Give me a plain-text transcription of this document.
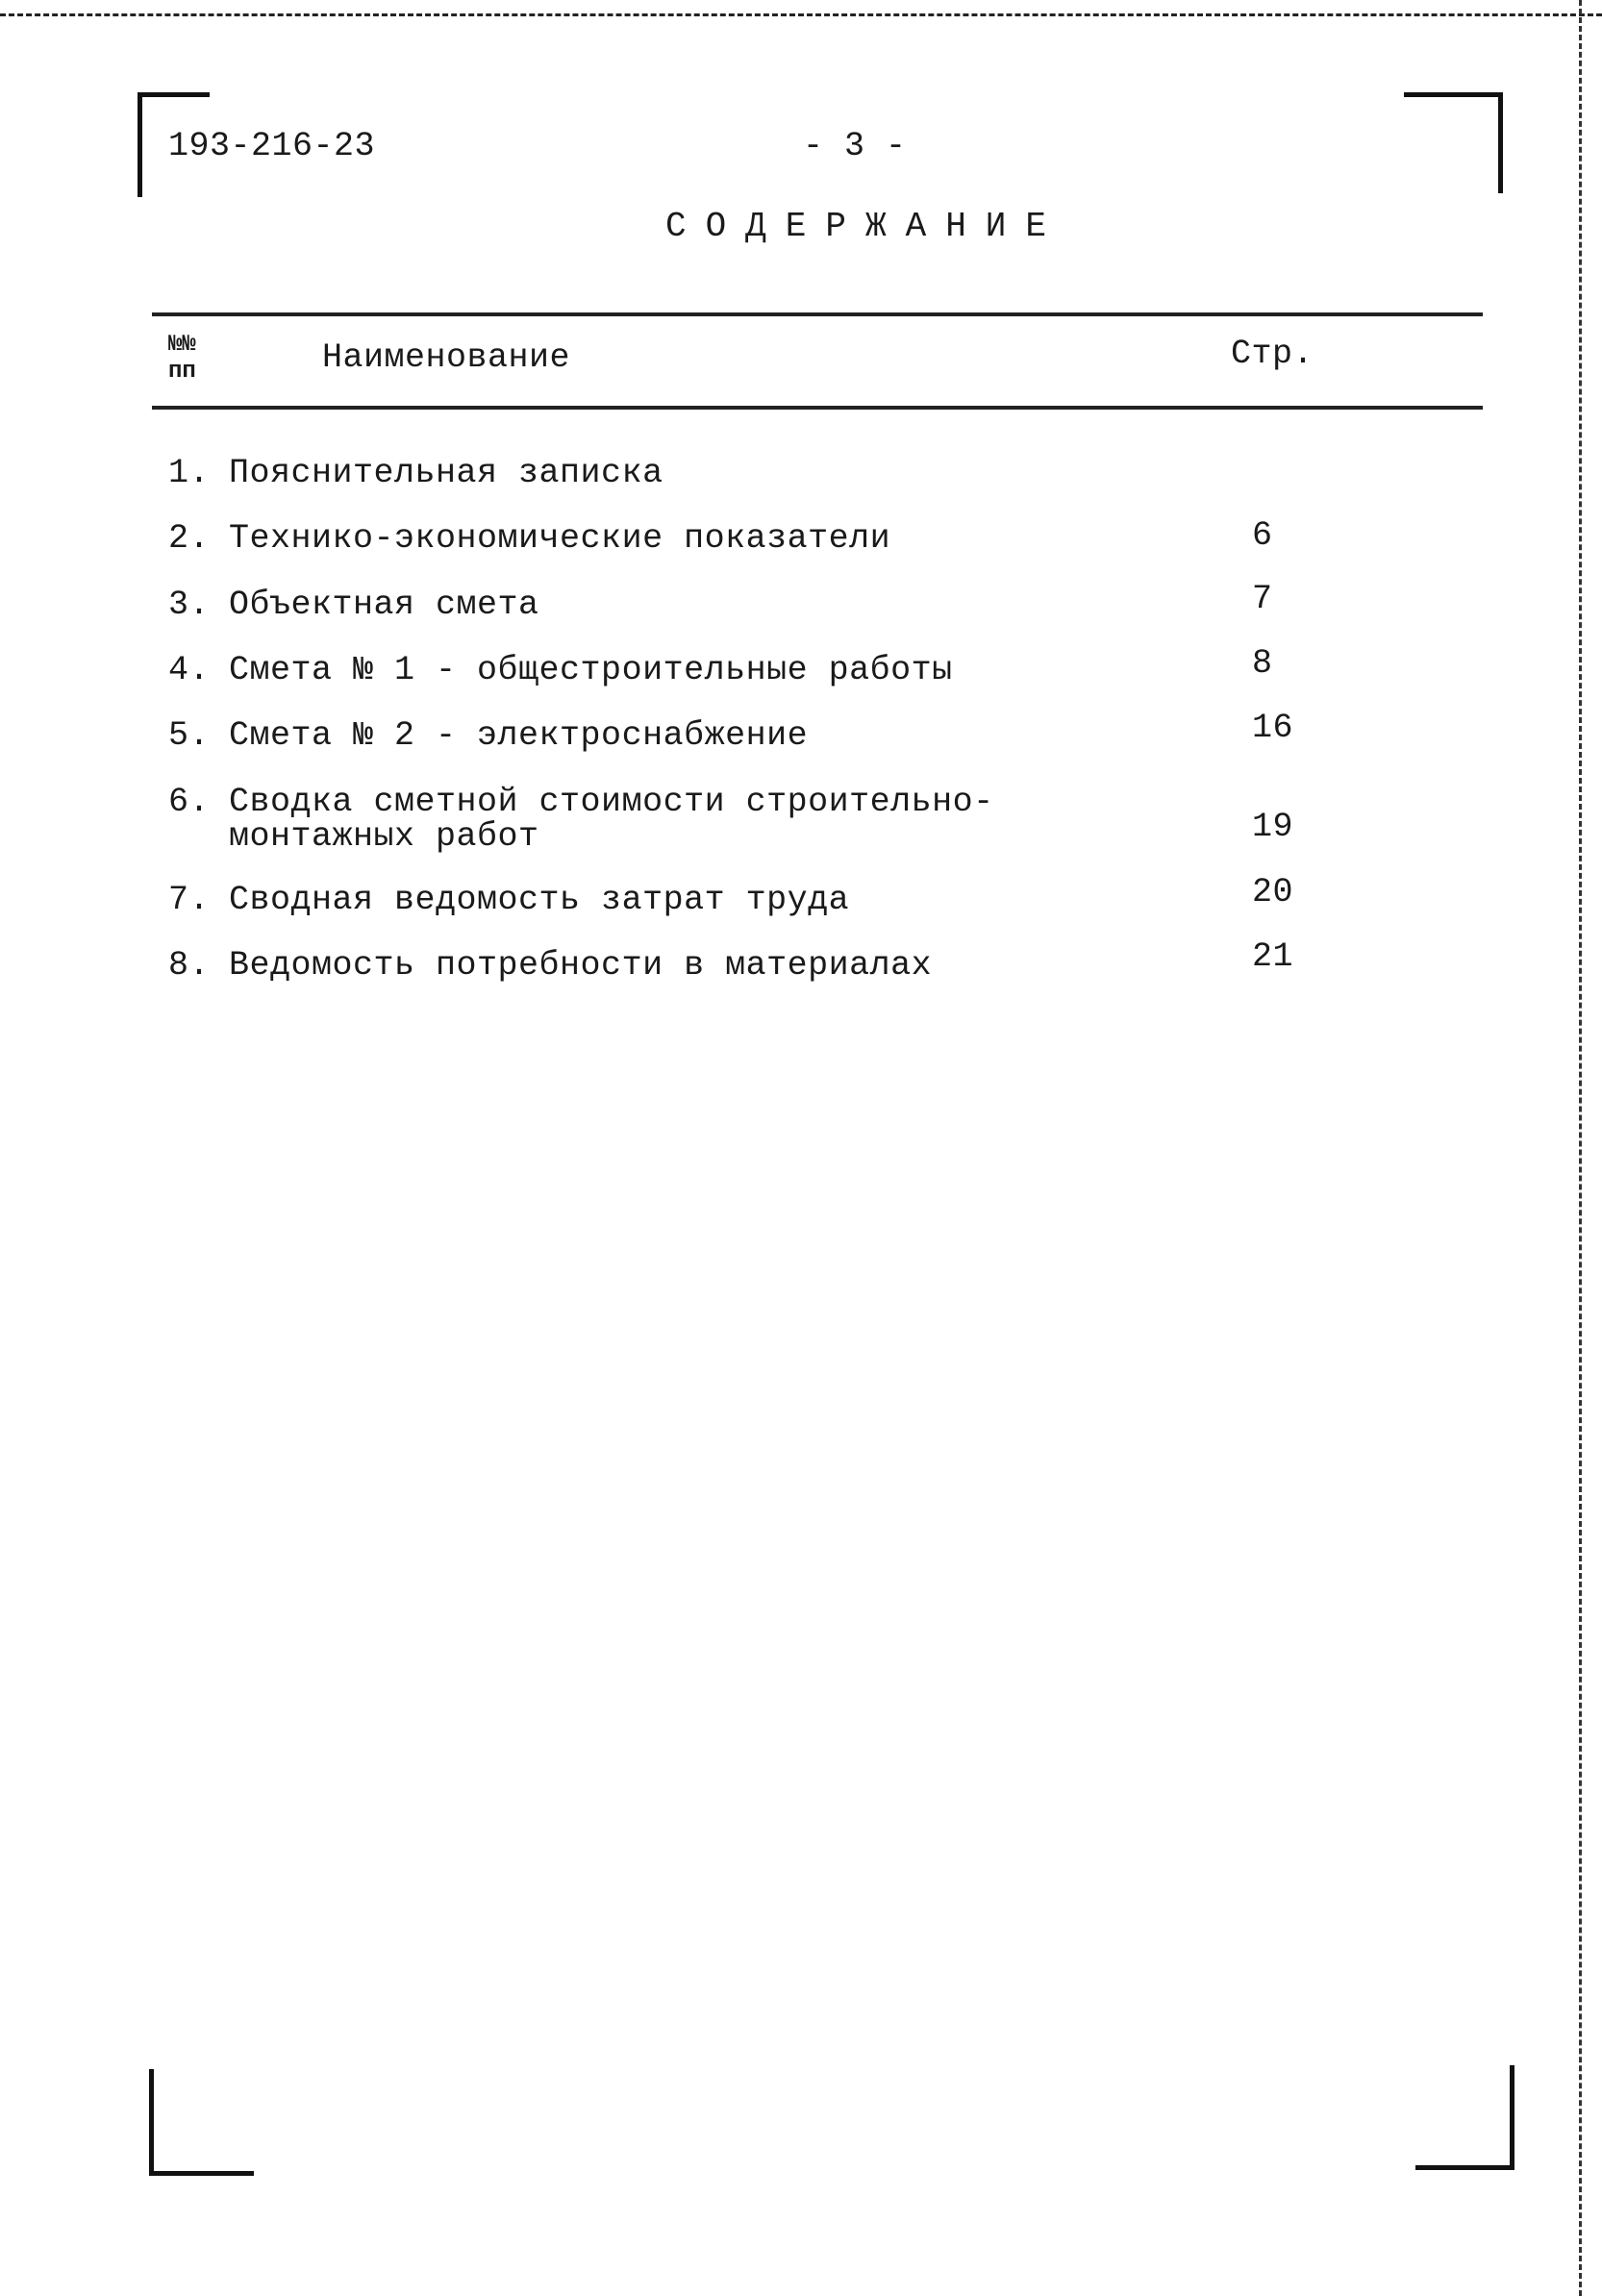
193-216-23	- 3 -
СОДЕРЖАНИЕ
№№
пп	Наименование	Стр.
1. Пояснительная записка
2. Технико-экономические показатели	6
3. Объектная смета	7
4. Смета № 1 - общестроительные работы	8
5. Смета № 2 - электроснабжение	16
6. Сводка сметной стоимости строительно-
монтажных работ	19
7. Сводная ведомость затрат труда	20
8. Ведомость потребности в материалах	21
